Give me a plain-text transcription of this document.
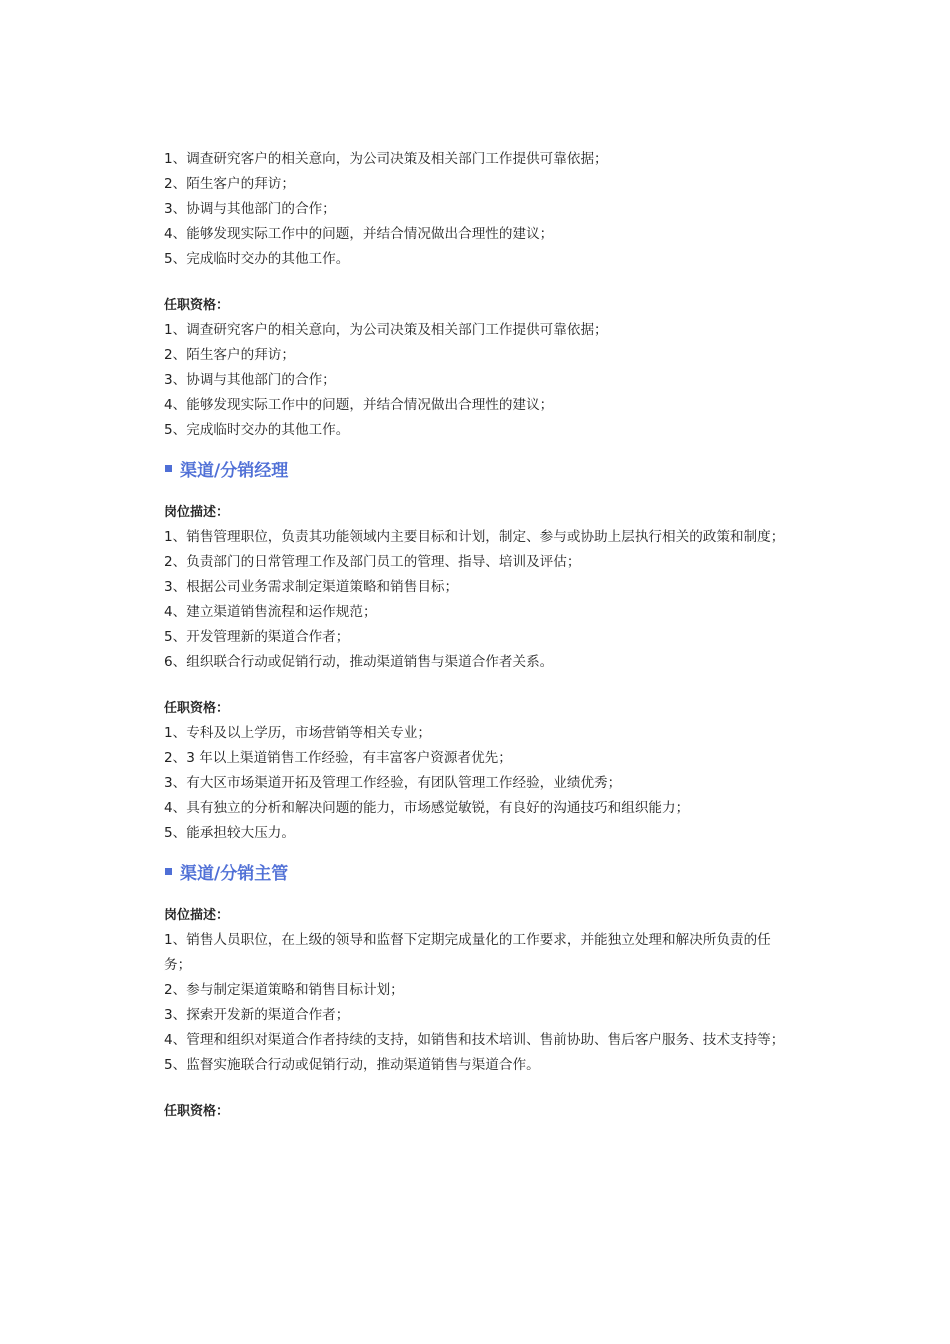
1、调查研究客户的相关意向，为公司决策及相关部门工作提供可靠依据；

2、陌生客户的拜访；

3、协调与其他部门的合作；

4、能够发现实际工作中的问题，并结合情况做出合理性的建议；

5、完成临时交办的其他工作。

任职资格：

1、调查研究客户的相关意向，为公司决策及相关部门工作提供可靠依据；

2、陌生客户的拜访；

3、协调与其他部门的合作；

4、能够发现实际工作中的问题，并结合情况做出合理性的建议；

5、完成临时交办的其他工作。

渠道/分销经理

岗位描述：

1、销售管理职位，负责其功能领域内主要目标和计划，制定、参与或协助上层执行相关的政策和制度；

2、负责部门的日常管理工作及部门员工的管理、指导、培训及评估；

3、根据公司业务需求制定渠道策略和销售目标；

4、建立渠道销售流程和运作规范；

5、开发管理新的渠道合作者；

6、组织联合行动或促销行动，推动渠道销售与渠道合作者关系。

任职资格：

1、专科及以上学历，市场营销等相关专业；

2、3 年以上渠道销售工作经验，有丰富客户资源者优先；

3、有大区市场渠道开拓及管理工作经验，有团队管理工作经验，业绩优秀；

4、具有独立的分析和解决问题的能力，市场感觉敏锐，有良好的沟通技巧和组织能力；

5、能承担较大压力。

渠道/分销主管

岗位描述：

1、销售人员职位，在上级的领导和监督下定期完成量化的工作要求，并能独立处理和解决所负责的任务；

2、参与制定渠道策略和销售目标计划；

3、探索开发新的渠道合作者；

4、管理和组织对渠道合作者持续的支持，如销售和技术培训、售前协助、售后客户服务、技术支持等；

5、监督实施联合行动或促销行动，推动渠道销售与渠道合作。

任职资格：
